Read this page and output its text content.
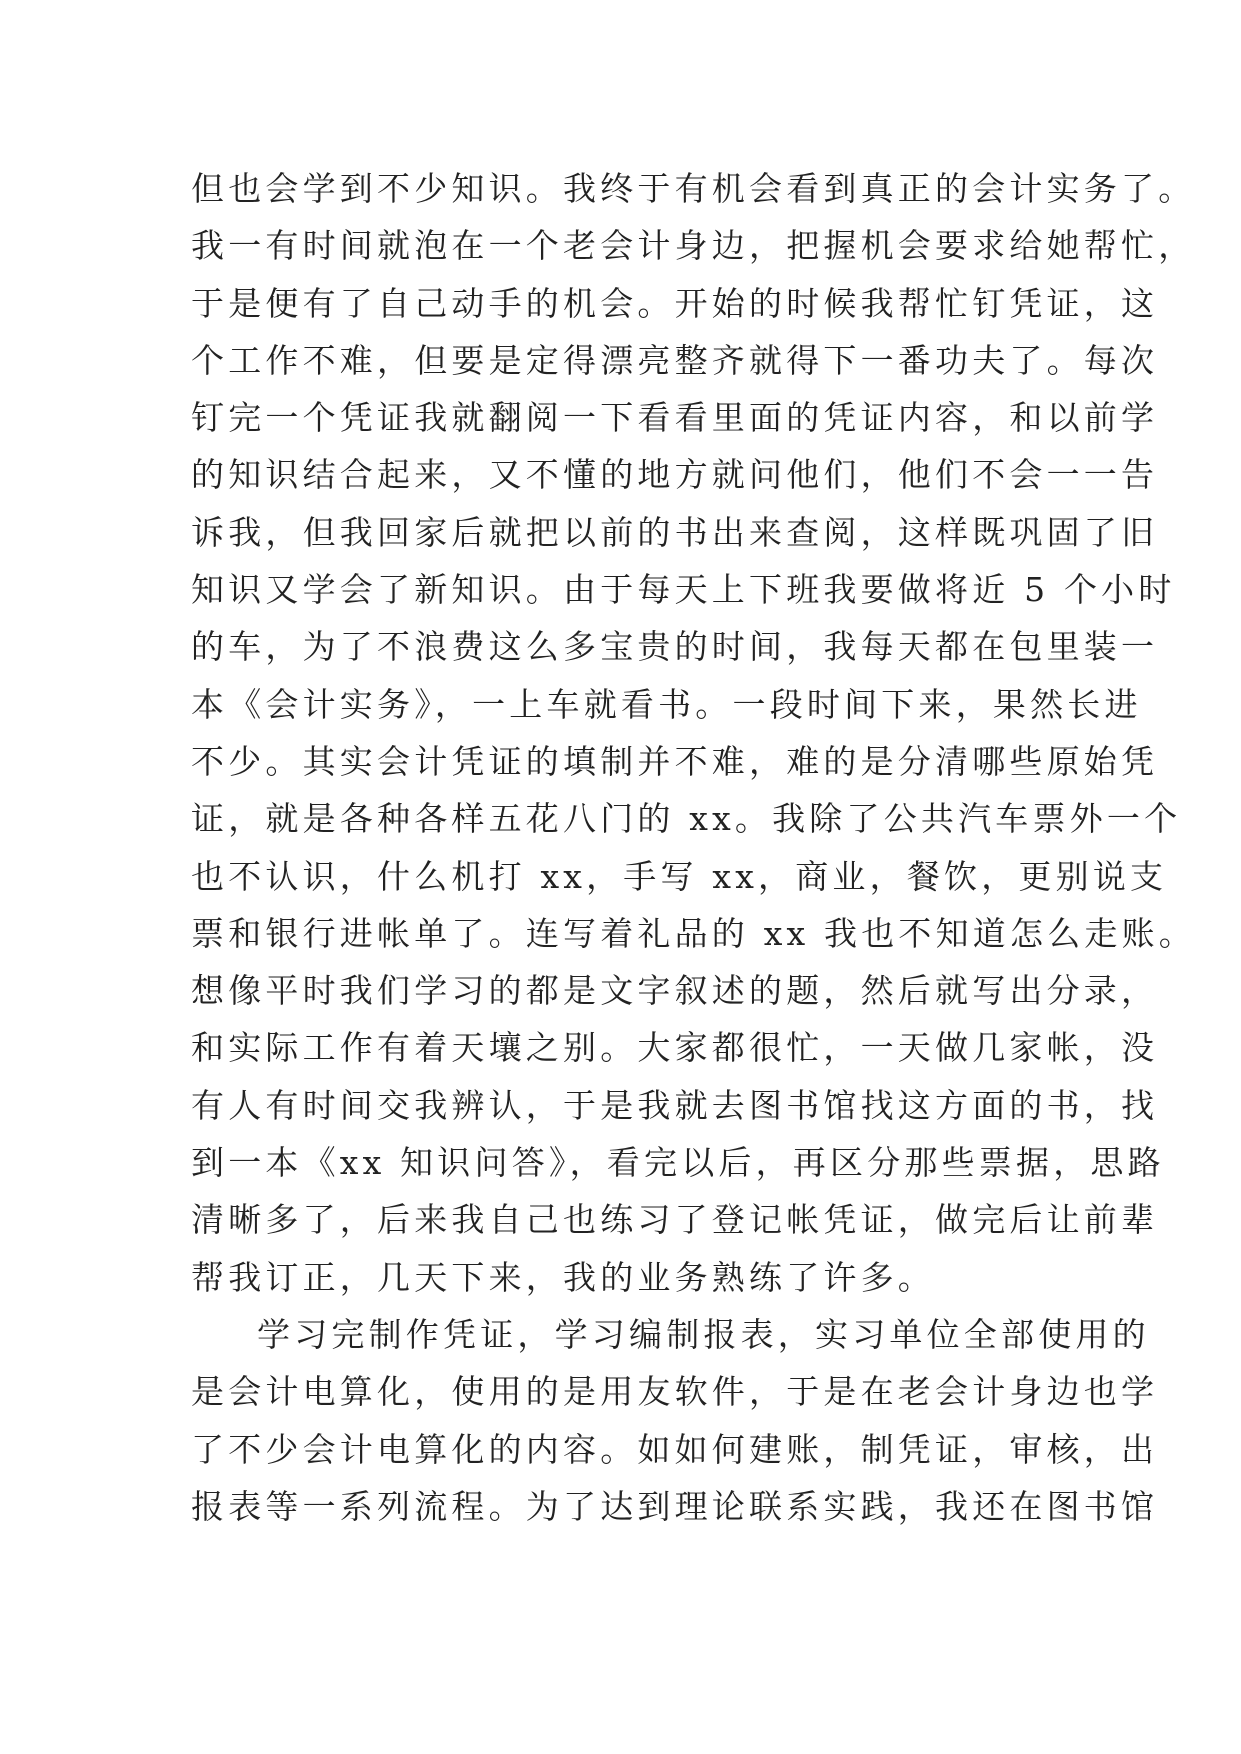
但也会学到不少知识。我终于有机会看到真正的会计实务了。
我一有时间就泡在一个老会计身边，把握机会要求给她帮忙，
于是便有了自己动手的机会。开始的时候我帮忙钉凭证，这
个工作不难，但要是定得漂亮整齐就得下一番功夫了。每次
钉完一个凭证我就翻阅一下看看里面的凭证内容，和以前学
的知识结合起来，又不懂的地方就问他们，他们不会一一告
诉我，但我回家后就把以前的书出来查阅，这样既巩固了旧
知识又学会了新知识。由于每天上下班我要做将近 5 个小时
的车，为了不浪费这么多宝贵的时间，我每天都在包里装一
本《会计实务》，一上车就看书。一段时间下来，果然长进
不少。其实会计凭证的填制并不难，难的是分清哪些原始凭
证，就是各种各样五花八门的 xx。我除了公共汽车票外一个
也不认识，什么机打 xx，手写 xx，商业，餐饮，更别说支
票和银行进帐单了。连写着礼品的 xx 我也不知道怎么走账。
想像平时我们学习的都是文字叙述的题，然后就写出分录，
和实际工作有着天壤之别。大家都很忙，一天做几家帐，没
有人有时间交我辨认，于是我就去图书馆找这方面的书，找
到一本《xx 知识问答》，看完以后，再区分那些票据，思路
清晰多了，后来我自己也练习了登记帐凭证，做完后让前辈
帮我订正，几天下来，我的业务熟练了许多。
学习完制作凭证，学习编制报表，实习单位全部使用的
是会计电算化，使用的是用友软件，于是在老会计身边也学
了不少会计电算化的内容。如如何建账，制凭证，审核，出
报表等一系列流程。为了达到理论联系实践，我还在图书馆
